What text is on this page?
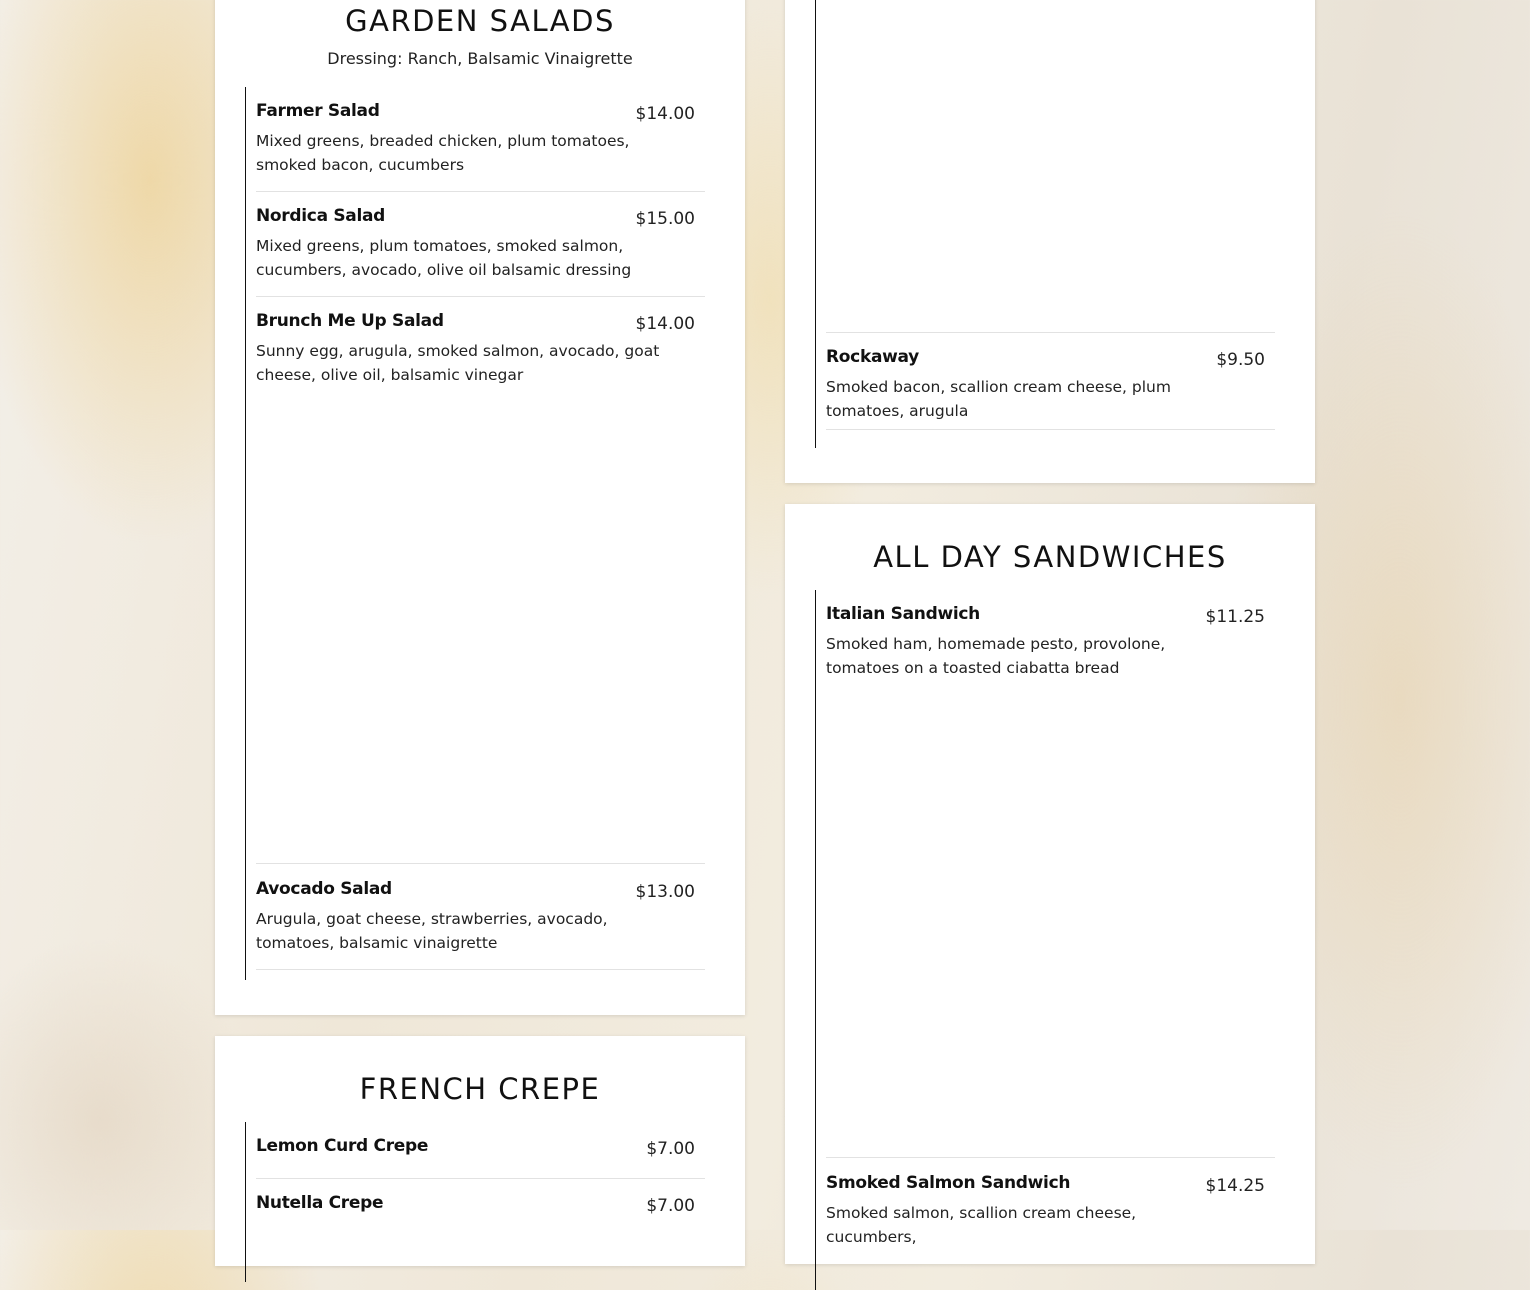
GARDEN SALADS
Dressing: Ranch, Balsamic Vinaigrette
Farmer Salad	$14.00
Mixed greens, breaded chicken, plum tomatoes, smoked bacon, cucumbers
Nordica Salad	$15.00
Mixed greens, plum tomatoes, smoked salmon, cucumbers, avocado, olive oil balsamic dressing
Brunch Me Up Salad	$14.00
Sunny egg, arugula, smoked salmon, avocado, goat cheese, olive oil, balsamic vinegar
Avocado Salad	$13.00
Arugula, goat cheese, strawberries, avocado, tomatoes, balsamic vinaigrette
Rockaway	$9.50
Smoked bacon, scallion cream cheese, plum tomatoes, arugula
ALL DAY SANDWICHES
Italian Sandwich	$11.25
Smoked ham, homemade pesto, provolone, tomatoes on a toasted ciabatta bread
Smoked Salmon Sandwich	$14.25
Smoked salmon, scallion cream cheese, cucumbers,
FRENCH CREPE
Lemon Curd Crepe	$7.00
Nutella Crepe	$7.00
